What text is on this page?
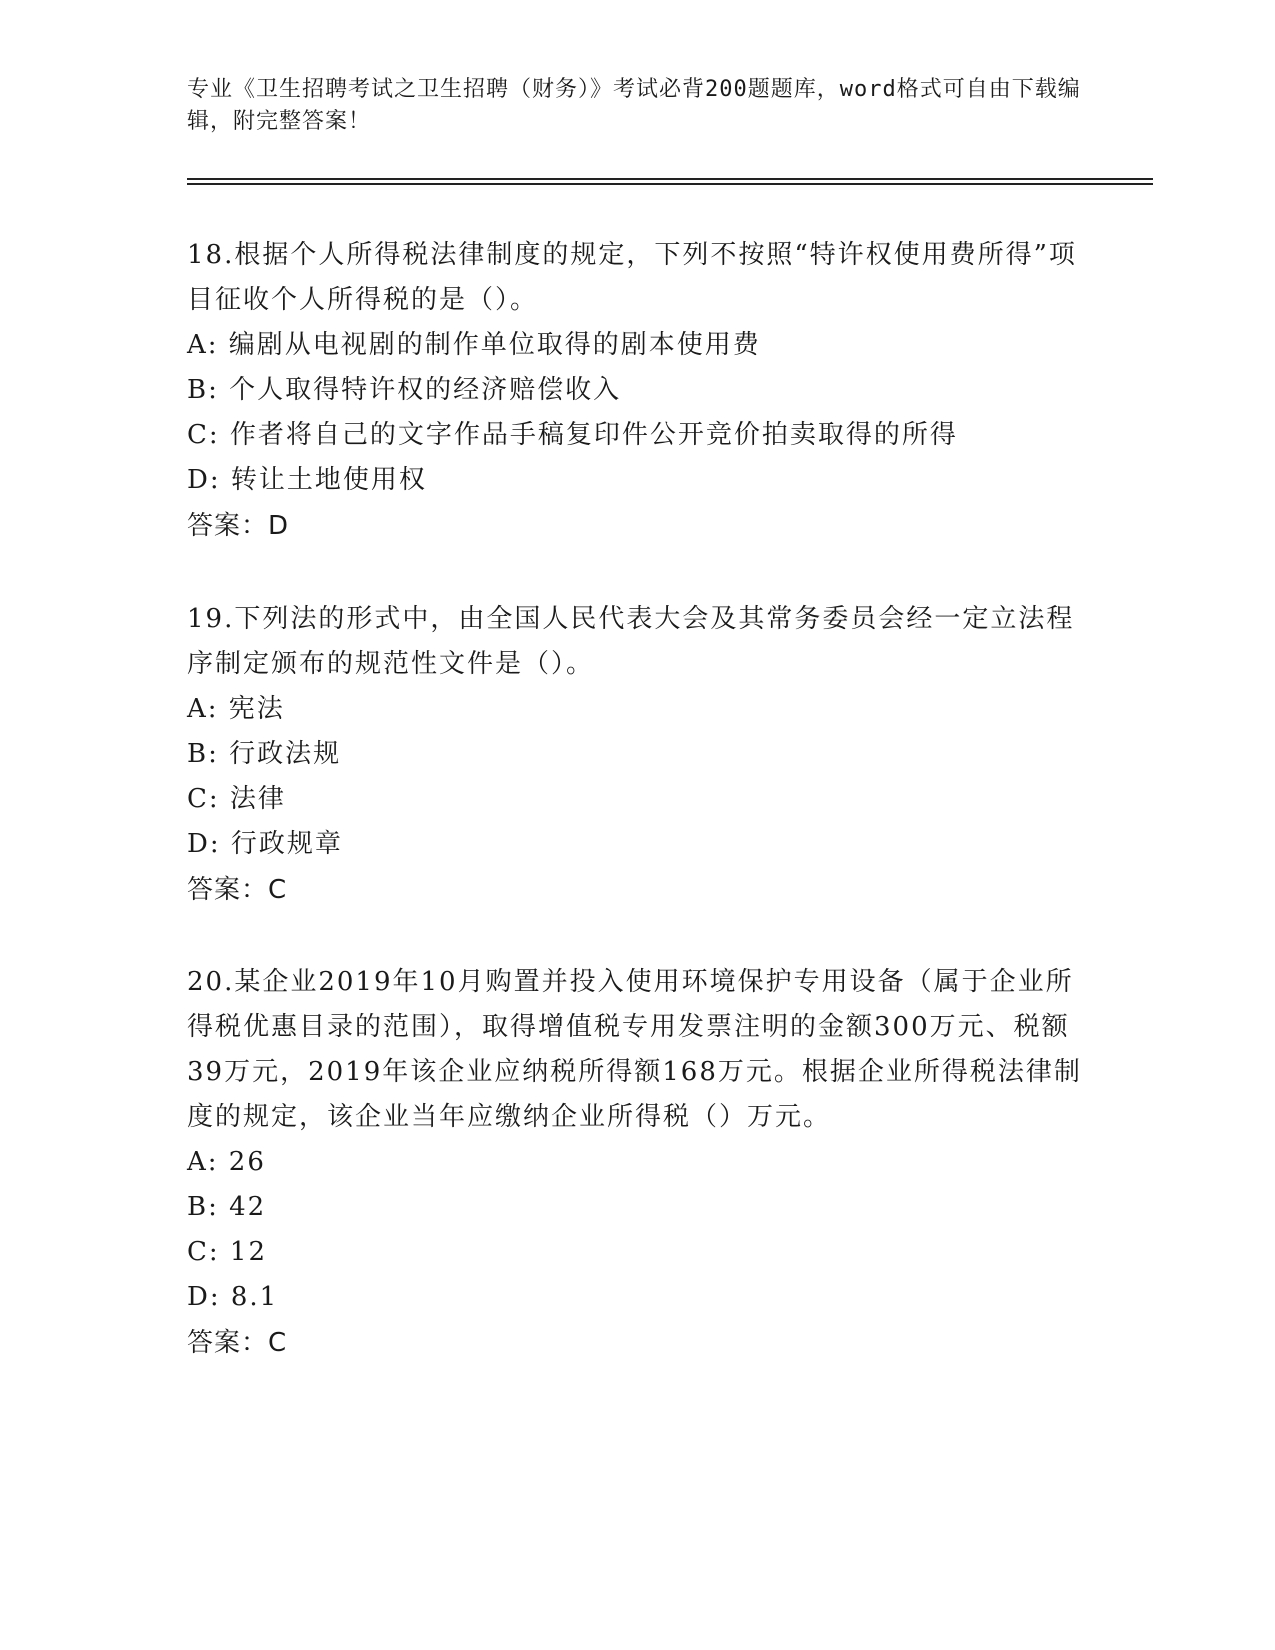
专业《卫生招聘考试之卫生招聘（财务）》考试必背200题题库，word格式可自由下载编辑，附完整答案！

18.根据个人所得税法律制度的规定，下列不按照“特许权使用费所得”项目征收个人所得税的是（）。

A: 编剧从电视剧的制作单位取得的剧本使用费

B: 个人取得特许权的经济赔偿收入

C: 作者将自己的文字作品手稿复印件公开竞价拍卖取得的所得

D: 转让土地使用权

答案：D

19.下列法的形式中，由全国人民代表大会及其常务委员会经一定立法程序制定颁布的规范性文件是（）。

A: 宪法

B: 行政法规

C: 法律

D: 行政规章

答案：C

20.某企业2019年10月购置并投入使用环境保护专用设备（属于企业所得税优惠目录的范围），取得增值税专用发票注明的金额300万元、税额39万元，2019年该企业应纳税所得额168万元。根据企业所得税法律制度的规定，该企业当年应缴纳企业所得税（）万元。

A: 26

B: 42

C: 12

D: 8.1

答案：C
